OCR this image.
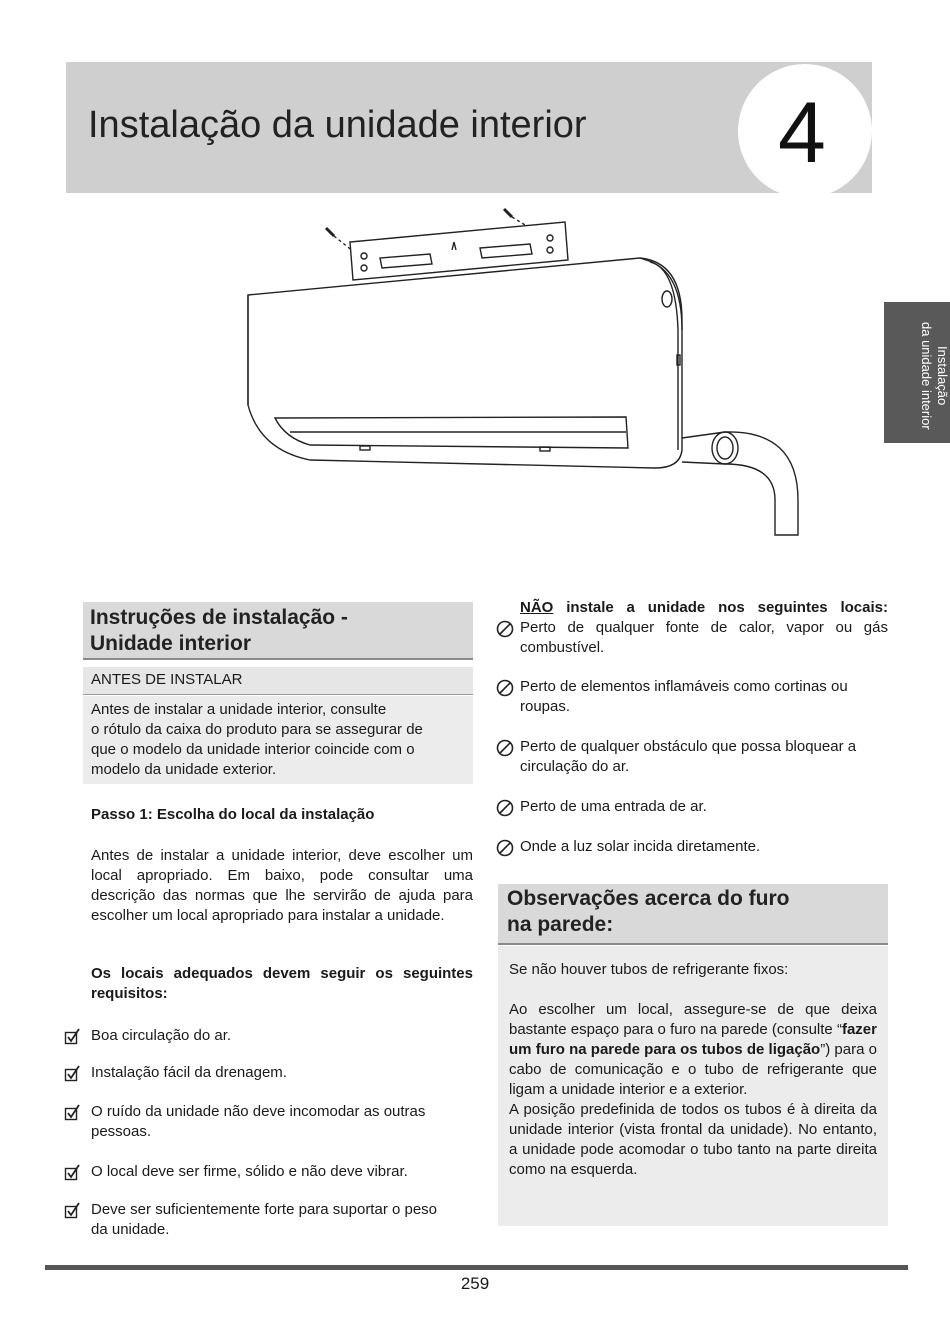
Instalação da unidade interior 4
Instalação
da unidade interior
Instruções de instalação -
Unidade interior
ANTES DE INSTALAR
Antes de instalar a unidade interior, consulte
o rótulo da caixa do produto para se assegurar de
que o modelo da unidade interior coincide com o
modelo da unidade exterior.
Passo 1: Escolha do local da instalação
Antes de instalar a unidade interior, deve escolher um local apropriado. Em baixo, pode consultar uma descrição das normas que lhe servirão de ajuda para escolher um local apropriado para instalar a unidade.
Os locais adequados devem seguir os seguintes requisitos:
Boa circulação do ar.
Instalação fácil da drenagem.
O ruído da unidade não deve incomodar as outras
pessoas.
O local deve ser firme, sólido e não deve vibrar.
Deve ser suficientemente forte para suportar o peso
da unidade.
NÃO instale a unidade nos seguintes locais:
Perto de qualquer fonte de calor, vapor ou gás combustível.
Perto de elementos inflamáveis como cortinas ou roupas.
Perto de qualquer obstáculo que possa bloquear a circulação do ar.
Perto de uma entrada de ar.
Onde a luz solar incida diretamente.
Observações acerca do furo
na parede:
Se não houver tubos de refrigerante fixos:
Ao escolher um local, assegure-se de que deixa bastante espaço para o furo na parede (consulte “fazer um furo na parede para os tubos de ligação”) para o cabo de comunicação e o tubo de refrigerante que ligam a unidade interior e a exterior.
A posição predefinida de todos os tubos é à direita da unidade interior (vista frontal da unidade). No entanto, a unidade pode acomodar o tubo tanto na parte direita como na esquerda.
259
